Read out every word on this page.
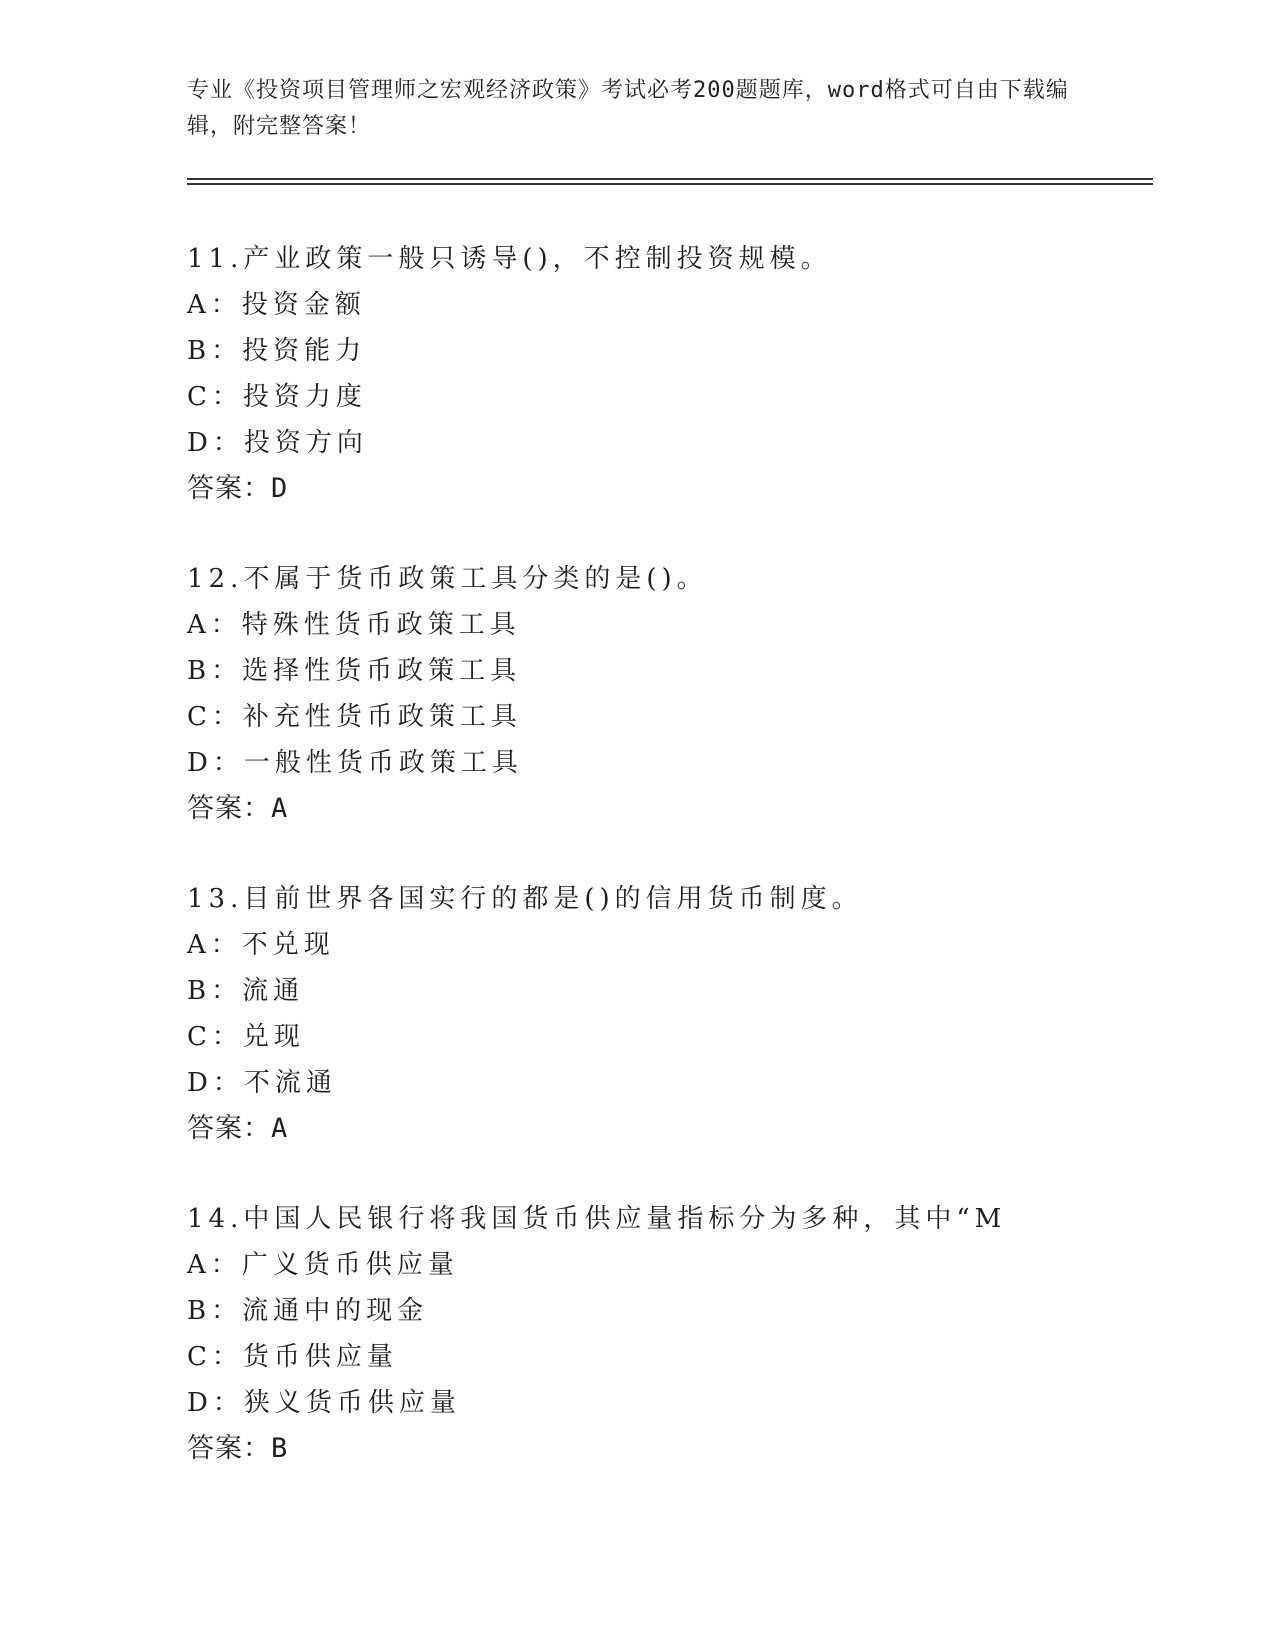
专业《投资项目管理师之宏观经济政策》考试必考200题题库，word格式可自由下载编辑，附完整答案！
11.产业政策一般只诱导()，不控制投资规模。
A：投资金额
B：投资能力
C：投资力度
D：投资方向
答案：D
12.不属于货币政策工具分类的是()。
A：特殊性货币政策工具
B：选择性货币政策工具
C：补充性货币政策工具
D：一般性货币政策工具
答案：A
13.目前世界各国实行的都是()的信用货币制度。
A：不兑现
B：流通
C：兑现
D：不流通
答案：A
14.中国人民银行将我国货币供应量指标分为多种，其中“M
A：广义货币供应量
B：流通中的现金
C：货币供应量
D：狭义货币供应量
答案：B
